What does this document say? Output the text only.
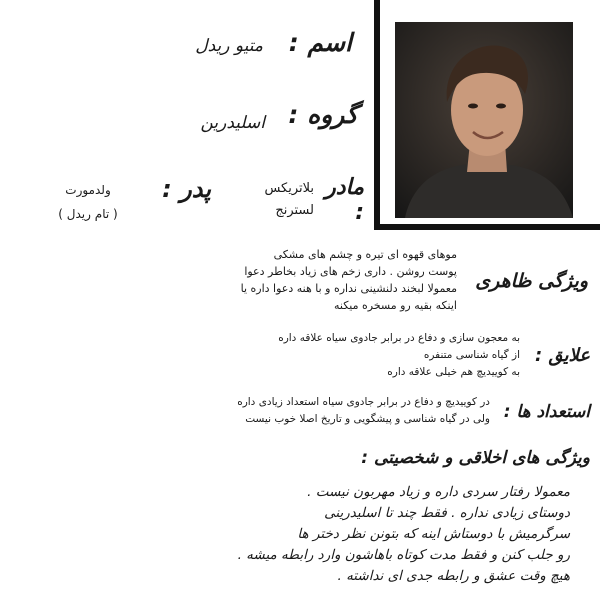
اسم :
متیو ریدل
گروه :
اسلیدرین
مادر :
بلاتریکس
لسترنج
پدر :
ولدمورت
( تام ریدل )
ویژگی ظاهری
موهای قهوه ای تیره و چشم های مشکی
پوست روشن . داری زخم های زیاد بخاطر دعوا
معمولا لبخند دلنشینی نداره و با هنه دعوا داره یا
اینکه بقیه رو مسخره میکنه
علایق :
به معجون سازی و دفاع در برابر جادوی سیاه علاقه داره
از گیاه شناسی متنفره
به کوییدیچ هم خیلی علاقه داره
استعداد ها :
در کوییدیچ و دفاع در برابر جادوی سیاه استعداد زیادی داره
ولی در گیاه شناسی و پیشگویی و تاریخ اصلا خوب نیست
ویژگی های اخلاقی و شخصیتی :
معمولا رفتار سردی داره و زیاد مهربون نیست .
دوستای زیادی نداره . فقط چند تا اسلیدرینی
سرگرمیش با دوستاش اینه که بتونن نظر دختر ها
رو جلب کنن و فقط مدت کوتاه باهاشون وارد رابطه میشه .
هیچ وقت عشق و رابطه جدی ای نداشته .
